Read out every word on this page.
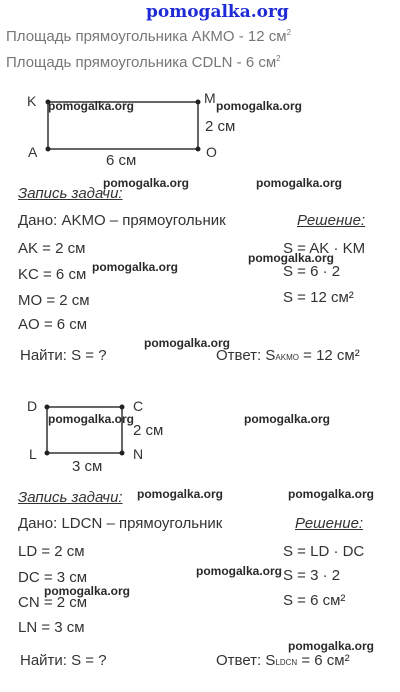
pomogalka.org
Площадь прямоугольника АКМО - 12 $см^2$
Площадь прямоугольника CDLN - 6 $см^2$
K	M
A	O
2 см
6 см
Запись задачи:
Дано: AKMO – прямоугольник	Решение:
AK = 2 см
KC = 6 см
MO = 2 см
AO = 6 см
S = AK · KM
S = 6 · 2
S = 12 см²
Найти: S = ?	Ответ: SAKMO = 12 см²
D	C
L	N
2 см
3 см
Запись задачи:
Дано: LDCN – прямоугольник	Решение:
LD = 2 см
DC = 3 см
CN = 2 см
LN = 3 см
S = LD · DC
S = 3 · 2
S = 6 см²
Найти: S = ?	Ответ: SLDCN = 6 см²
pomogalka.org	pomogalka.org
pomogalka.org	pomogalka.org
pomogalka.org
pomogalka.org
pomogalka.org
pomogalka.org	pomogalka.org
pomogalka.org	pomogalka.org
pomogalka.org
pomogalka.org
pomogalka.org
